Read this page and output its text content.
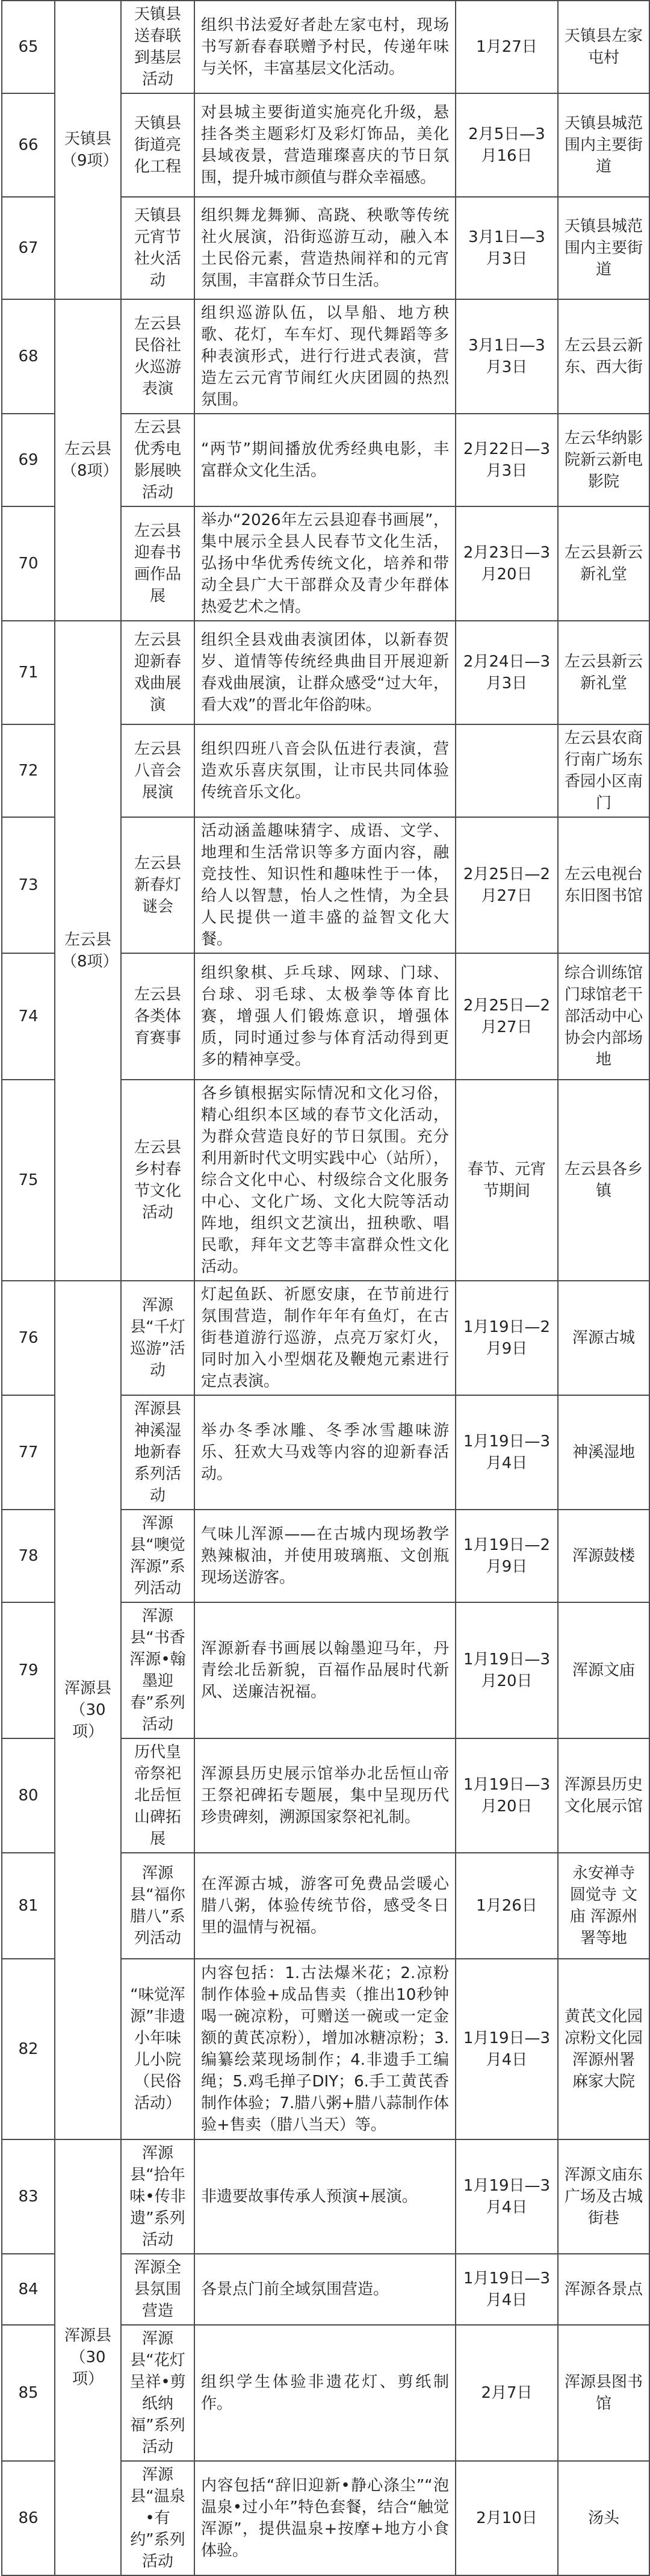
65	天镇县（9项）	天镇县送春联到基层活动	组织书法爱好者赴左家屯村，现场书写新春春联赠予村民，传递年味与关怀，丰富基层文化活动。	1月27日	天镇县左家屯村
66		天镇县街道亮化工程	对县城主要街道实施亮化升级，悬挂各类主题彩灯及彩灯饰品，美化县域夜景，营造璀璨喜庆的节日氛围，提升城市颜值与群众幸福感。	2月5日—3月16日	天镇县城范围内主要街道
67		天镇县元宵节社火活动	组织舞龙舞狮、高跷、秧歌等传统社火展演，沿街巡游互动，融入本土民俗元素，营造热闹祥和的元宵氛围，丰富群众节日生活。	3月1日—3月3日	天镇县城范围内主要街道
68	左云县（8项）	左云县民俗社火巡游表演	组织巡游队伍，以旱船、地方秧歌、花灯，车车灯、现代舞蹈等多种表演形式，进行行进式表演，营造左云元宵节闹红火庆团圆的热烈氛围。	3月1日—3月3日	左云县云新东、西大街
69		左云县优秀电影展映活动	“两节”期间播放优秀经典电影，丰富群众文化生活。	2月22日—3月3日	左云华纳影院新云新电影院
70		左云县迎春书画作品展	举办“2026年左云县迎春书画展”，集中展示全县人民春节文化生活，弘扬中华优秀传统文化，培养和带动全县广大干部群众及青少年群体热爱艺术之情。	2月23日—3月20日	左云县新云新礼堂
71	左云县（8项）	左云县迎新春戏曲展演	组织全县戏曲表演团体，以新春贺岁、道情等传统经典曲目开展迎新春戏曲展演，让群众感受“过大年，看大戏”的晋北年俗韵味。	2月24日—3月3日	左云县新云新礼堂
72		左云县八音会展演	组织四班八音会队伍进行表演，营造欢乐喜庆氛围，让市民共同体验传统音乐文化。		左云县农商行南广场东香园小区南门
73		左云县新春灯谜会	活动涵盖趣味猜字、成语、文学、地理和生活常识等多方面内容，融竞技性、知识性和趣味性于一体，给人以智慧，怡人之性情，为全县人民提供一道丰盛的益智文化大餐。	2月25日—2月27日	左云电视台东旧图书馆
74		左云县各类体育赛事	组织象棋、乒乓球、网球、门球、台球、羽毛球、太极拳等体育比赛，增强人们锻炼意识，增强体质，同时通过参与体育活动得到更多的精神享受。	2月25日—2月27日	综合训练馆门球馆老干部活动中心协会内部场地
75		左云县乡村春节文化活动	各乡镇根据实际情况和文化习俗，精心组织本区域的春节文化活动，为群众营造良好的节日氛围。充分利用新时代文明实践中心（站所），综合文化中心、村级综合文化服务中心、文化广场、文化大院等活动阵地，组织文艺演出，扭秧歌、唱民歌，拜年文艺等丰富群众性文化活动。	春节、元宵节期间	左云县各乡镇
76	浑源县（30项）	浑源县“千灯巡游”活动	灯起鱼跃、祈愿安康，在节前进行氛围营造，制作年年有鱼灯，在古街巷道游行巡游，点亮万家灯火，同时加入小型烟花及鞭炮元素进行定点表演。	1月19日—2月9日	浑源古城
77		浑源县神溪湿地新春系列活动	举办冬季冰雕、冬季冰雪趣味游乐、狂欢大马戏等内容的迎新春活动。	1月19日—3月4日	神溪湿地
78		浑源县“噢觉浑源”系列活动	气味儿浑源——在古城内现场教学熟辣椒油，并使用玻璃瓶、文创瓶现场送游客。	1月19日—2月9日	浑源鼓楼
79		浑源县“书香浑源•翰墨迎春”系列活动	浑源新春书画展以翰墨迎马年，丹青绘北岳新貌，百福作品展时代新风、送廉洁祝福。	1月19日—3月20日	浑源文庙
80		历代皇帝祭祀北岳恒山碑拓展	浑源县历史展示馆举办北岳恒山帝王祭祀碑拓专题展，集中呈现历代珍贵碑刻，溯源国家祭祀礼制。	1月19日—3月20日	浑源县历史文化展示馆
81		浑源县“福你腊八”系列活动	在浑源古城，游客可免费品尝暖心腊八粥，体验传统节俗，感受冬日里的温情与祝福。	1月26日	永安禅寺 圆觉寺 文庙 浑源州署等地
82		“味觉浑源”非遗小年味儿小院（民俗活动）	内容包括：1.古法爆米花；2.凉粉制作体验+成品售卖（推出10秒钟喝一碗凉粉，可赠送一碗或一定金额的黄芪凉粉），增加冰糖凉粉；3.编纂绘菜现场制作；4.非遗手工编绳；5.鸡毛掸子DIY；6.手工黄芪香制作体验；7.腊八粥+腊八蒜制作体验+售卖（腊八当天）等。	1月19日—3月4日	黄芪文化园 凉粉文化园 浑源州署 麻家大院
83	浑源县（30项）	浑源县“拾年味•传非遗”系列活动	非遗要故事传承人预演+展演。	1月19日—3月4日	浑源文庙东广场及古城街巷
84		浑源全县氛围营造	各景点门前全域氛围营造。	1月19日—3月4日	浑源各景点
85		浑源县“花灯呈祥•剪纸纳福”系列活动	组织学生体验非遗花灯、剪纸制作。	2月7日	浑源县图书馆
86		浑源县“温泉•有约”系列活动	内容包括“辞旧迎新•静心涤尘”“泡温泉•过小年”特色套餐，结合“触觉浑源”，提供温泉+按摩+地方小食体验。	2月10日	汤头
